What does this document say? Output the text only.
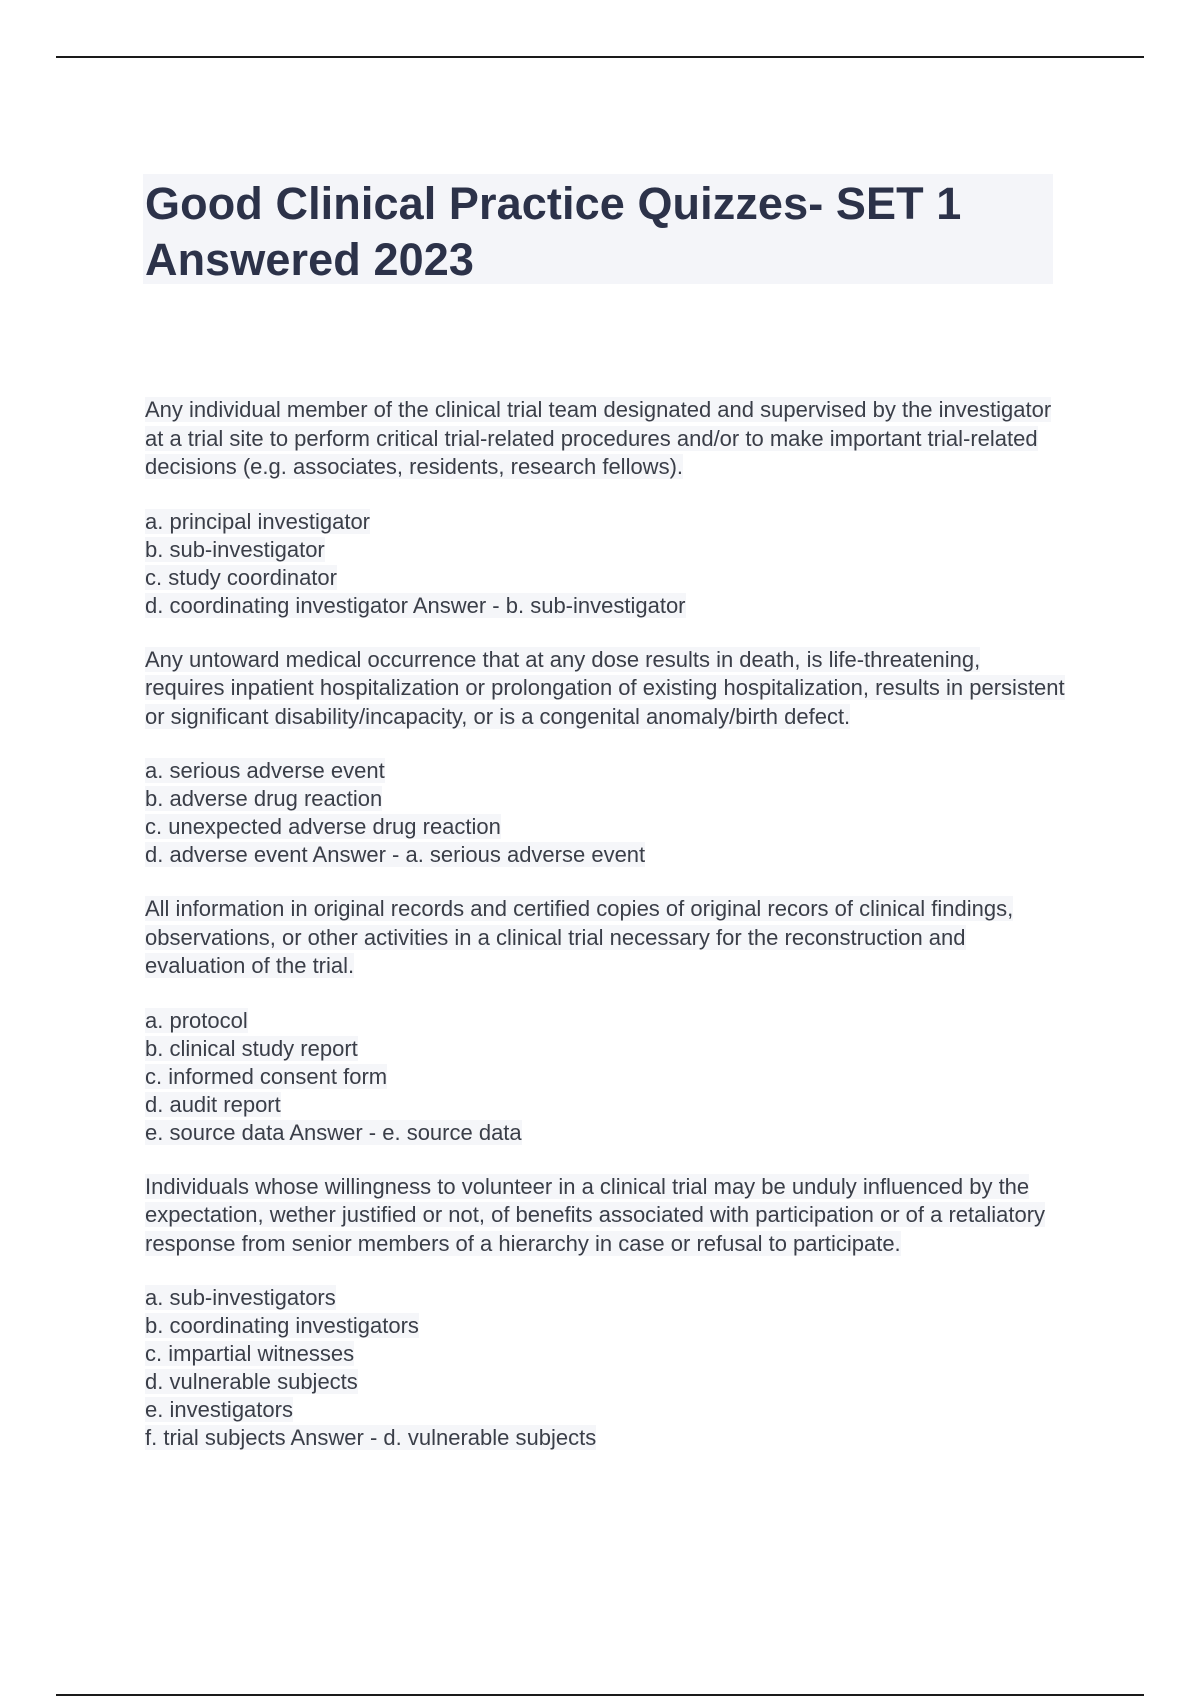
Good Clinical Practice Quizzes- SET 1
Answered 2023

Any individual member of the clinical trial team designated and supervised by the investigator at a trial site to perform critical trial-related procedures and/or to make important trial-related decisions (e.g. associates, residents, research fellows).

a. principal investigator
b. sub-investigator
c. study coordinator
d. coordinating investigator Answer - b. sub-investigator

Any untoward medical occurrence that at any dose results in death, is life-threatening, requires inpatient hospitalization or prolongation of existing hospitalization, results in persistent or significant disability/incapacity, or is a congenital anomaly/birth defect.

a. serious adverse event
b. adverse drug reaction
c. unexpected adverse drug reaction
d. adverse event Answer - a. serious adverse event

All information in original records and certified copies of original recors of clinical findings, observations, or other activities in a clinical trial necessary for the reconstruction and evaluation of the trial.

a. protocol
b. clinical study report
c. informed consent form
d. audit report
e. source data Answer - e. source data

Individuals whose willingness to volunteer in a clinical trial may be unduly influenced by the expectation, wether justified or not, of benefits associated with participation or of a retaliatory response from senior members of a hierarchy in case or refusal to participate.

a. sub-investigators
b. coordinating investigators
c. impartial witnesses
d. vulnerable subjects
e. investigators
f. trial subjects Answer - d. vulnerable subjects
